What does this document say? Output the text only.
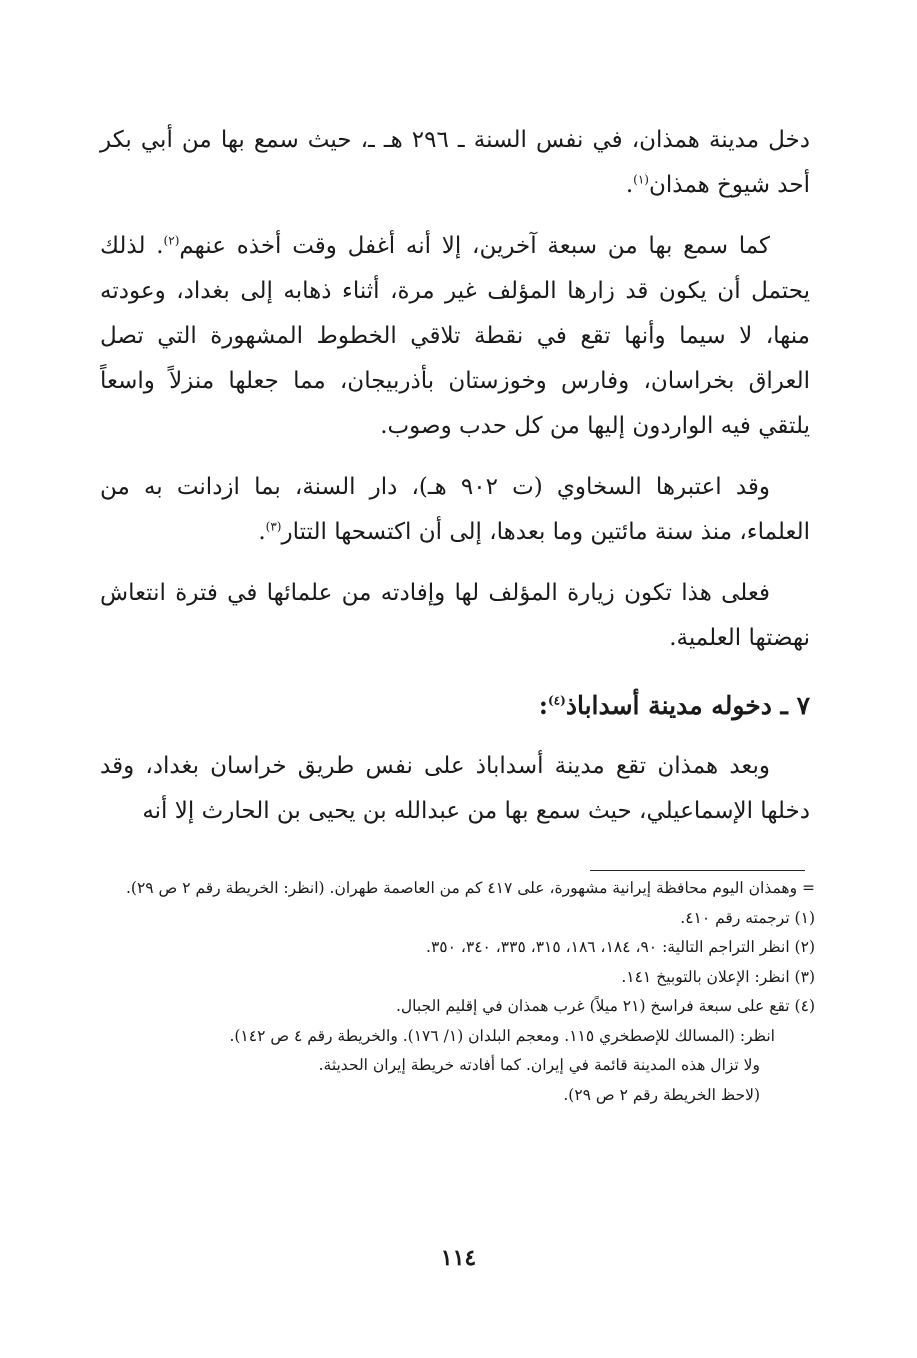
دخل مدينة همذان، في نفس السنة ـ ٢٩٦ هـ ـ، حيث سمع بها من أبي بكر أحد شيوخ همذان$^{(١)}$.

كما سمع بها من سبعة آخرين، إلا أنه أغفل وقت أخذه عنهم$^{(٢)}$. لذلك يحتمل أن يكون قد زارها المؤلف غير مرة، أثناء ذهابه إلى بغداد، وعودته منها، لا سيما وأنها تقع في نقطة تلاقي الخطوط المشهورة التي تصل العراق بخراسان، وفارس وخوزستان بأذربيجان، مما جعلها منزلاً واسعاً يلتقي فيه الواردون إليها من كل حدب وصوب.

وقد اعتبرها السخاوي (ت ٩٠٢ هـ)، دار السنة، بما ازدانت به من العلماء، منذ سنة مائتين وما بعدها، إلى أن اكتسحها التتار$^{(٣)}$.

فعلى هذا تكون زيارة المؤلف لها وإفادته من علمائها في فترة انتعاش نهضتها العلمية.

٧ ـ دخوله مدينة أسداباذ$^{(٤)}$:

وبعد همذان تقع مدينة أسداباذ على نفس طريق خراسان بغداد، وقد دخلها الإسماعيلي، حيث سمع بها من عبدالله بن يحيى بن الحارث إلا أنه

= وهمذان اليوم محافظة إيرانية مشهورة، على ٤١٧ كم من العاصمة طهران. (انظر: الخريطة رقم ٢ ص ٢٩).

(١) ترجمته رقم ٤١٠.

(٢) انظر التراجم التالية: ٩٠، ١٨٤، ١٨٦، ٣١٥، ٣٣٥، ٣٤٠، ٣٥٠.

(٣) انظر: الإعلان بالتوبيخ ١٤١.

(٤) تقع على سبعة فراسخ (٢١ ميلاً) غرب همذان في إقليم الجبال.

انظر: (المسالك للإصطخري ١١٥. ومعجم البلدان (١/ ١٧٦). والخريطة رقم ٤ ص ١٤٢).

ولا تزال هذه المدينة قائمة في إيران. كما أفادته خريطة إيران الحديثة.

(لاحظ الخريطة رقم ٢ ص ٢٩).

١١٤
